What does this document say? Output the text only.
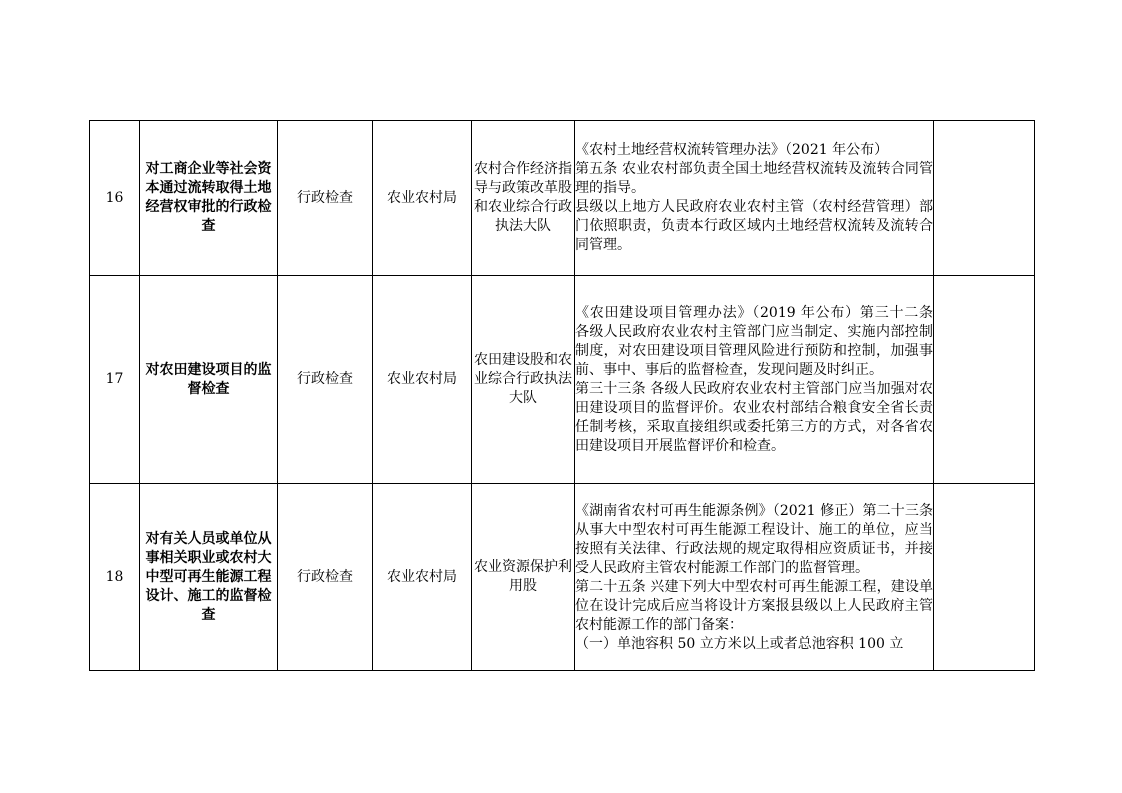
16	对工商企业等社会资本通过流转取得土地经营权审批的行政检查	行政检查	农业农村局	农村合作经济指导与政策改革股和农业综合行政执法大队	《农村土地经营权流转管理办法》（2021 年公布）
第五条 农业农村部负责全国土地经营权流转及流转合同管理的指导。
县级以上地方人民政府农业农村主管（农村经营管理）部门依照职责，负责本行政区域内土地经营权流转及流转合同管理。	

17	对农田建设项目的监督检查	行政检查	农业农村局	农田建设股和农业综合行政执法大队	《农田建设项目管理办法》（2019 年公布）第三十二条 各级人民政府农业农村主管部门应当制定、实施内部控制制度，对农田建设项目管理风险进行预防和控制，加强事前、事中、事后的监督检查，发现问题及时纠正。
第三十三条 各级人民政府农业农村主管部门应当加强对农田建设项目的监督评价。农业农村部结合粮食安全省长责任制考核，采取直接组织或委托第三方的方式，对各省农田建设项目开展监督评价和检查。	

18	对有关人员或单位从事相关职业或农村大中型可再生能源工程设计、施工的监督检查	行政检查	农业农村局	农业资源保护利用股	《湖南省农村可再生能源条例》（2021 修正）第二十三条 从事大中型农村可再生能源工程设计、施工的单位，应当按照有关法律、行政法规的规定取得相应资质证书，并接受人民政府主管农村能源工作部门的监督管理。
第二十五条 兴建下列大中型农村可再生能源工程，建设单位在设计完成后应当将设计方案报县级以上人民政府主管农村能源工作的部门备案：
（一）单池容积 50 立方米以上或者总池容积 100 立	
